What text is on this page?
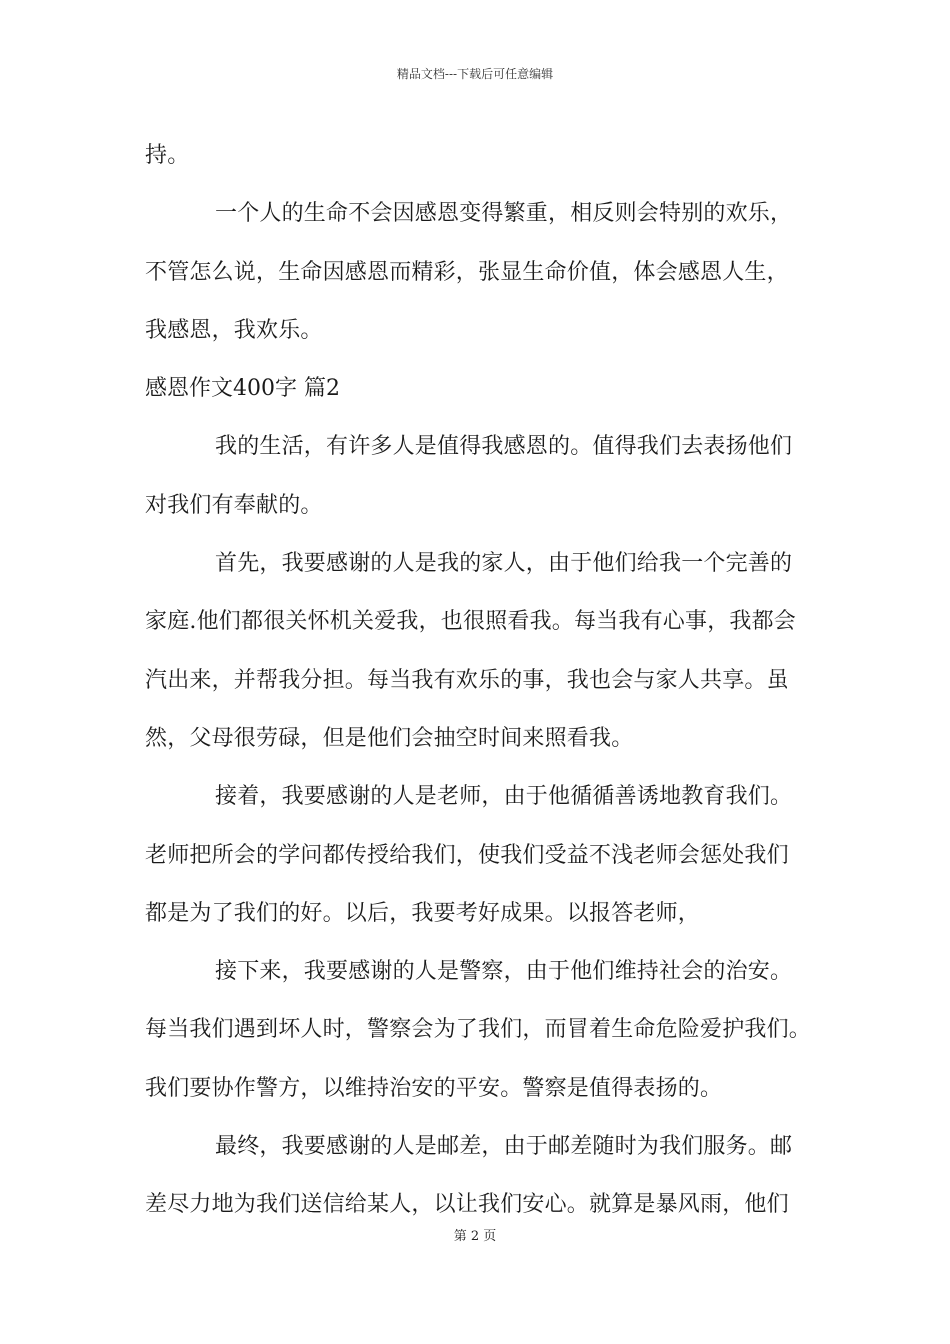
精品文档---下载后可任意编辑
持。
一个人的生命不会因感恩变得繁重，相反则会特别的欢乐，
不管怎么说，生命因感恩而精彩，张显生命价值，体会感恩人生，
我感恩，我欢乐。
感恩作文400字 篇2
我的生活，有许多人是值得我感恩的。值得我们去表扬他们
对我们有奉献的。
首先，我要感谢的人是我的家人，由于他们给我一个完善的
家庭.他们都很关怀机关爱我，也很照看我。每当我有心事，我都会
汽出来，并帮我分担。每当我有欢乐的事，我也会与家人共享。虽
然，父母很劳碌，但是他们会抽空时间来照看我。
接着，我要感谢的人是老师，由于他循循善诱地教育我们。
老师把所会的学问都传授给我们，使我们受益不浅老师会惩处我们
都是为了我们的好。以后，我要考好成果。以报答老师，
接下来，我要感谢的人是警察，由于他们维持社会的治安。
每当我们遇到坏人时，警察会为了我们，而冒着生命危险爱护我们。
我们要协作警方，以维持治安的平安。警察是值得表扬的。
最终，我要感谢的人是邮差，由于邮差随时为我们服务。邮
差尽力地为我们送信给某人，以让我们安心。就算是暴风雨，他们
第 2 页
